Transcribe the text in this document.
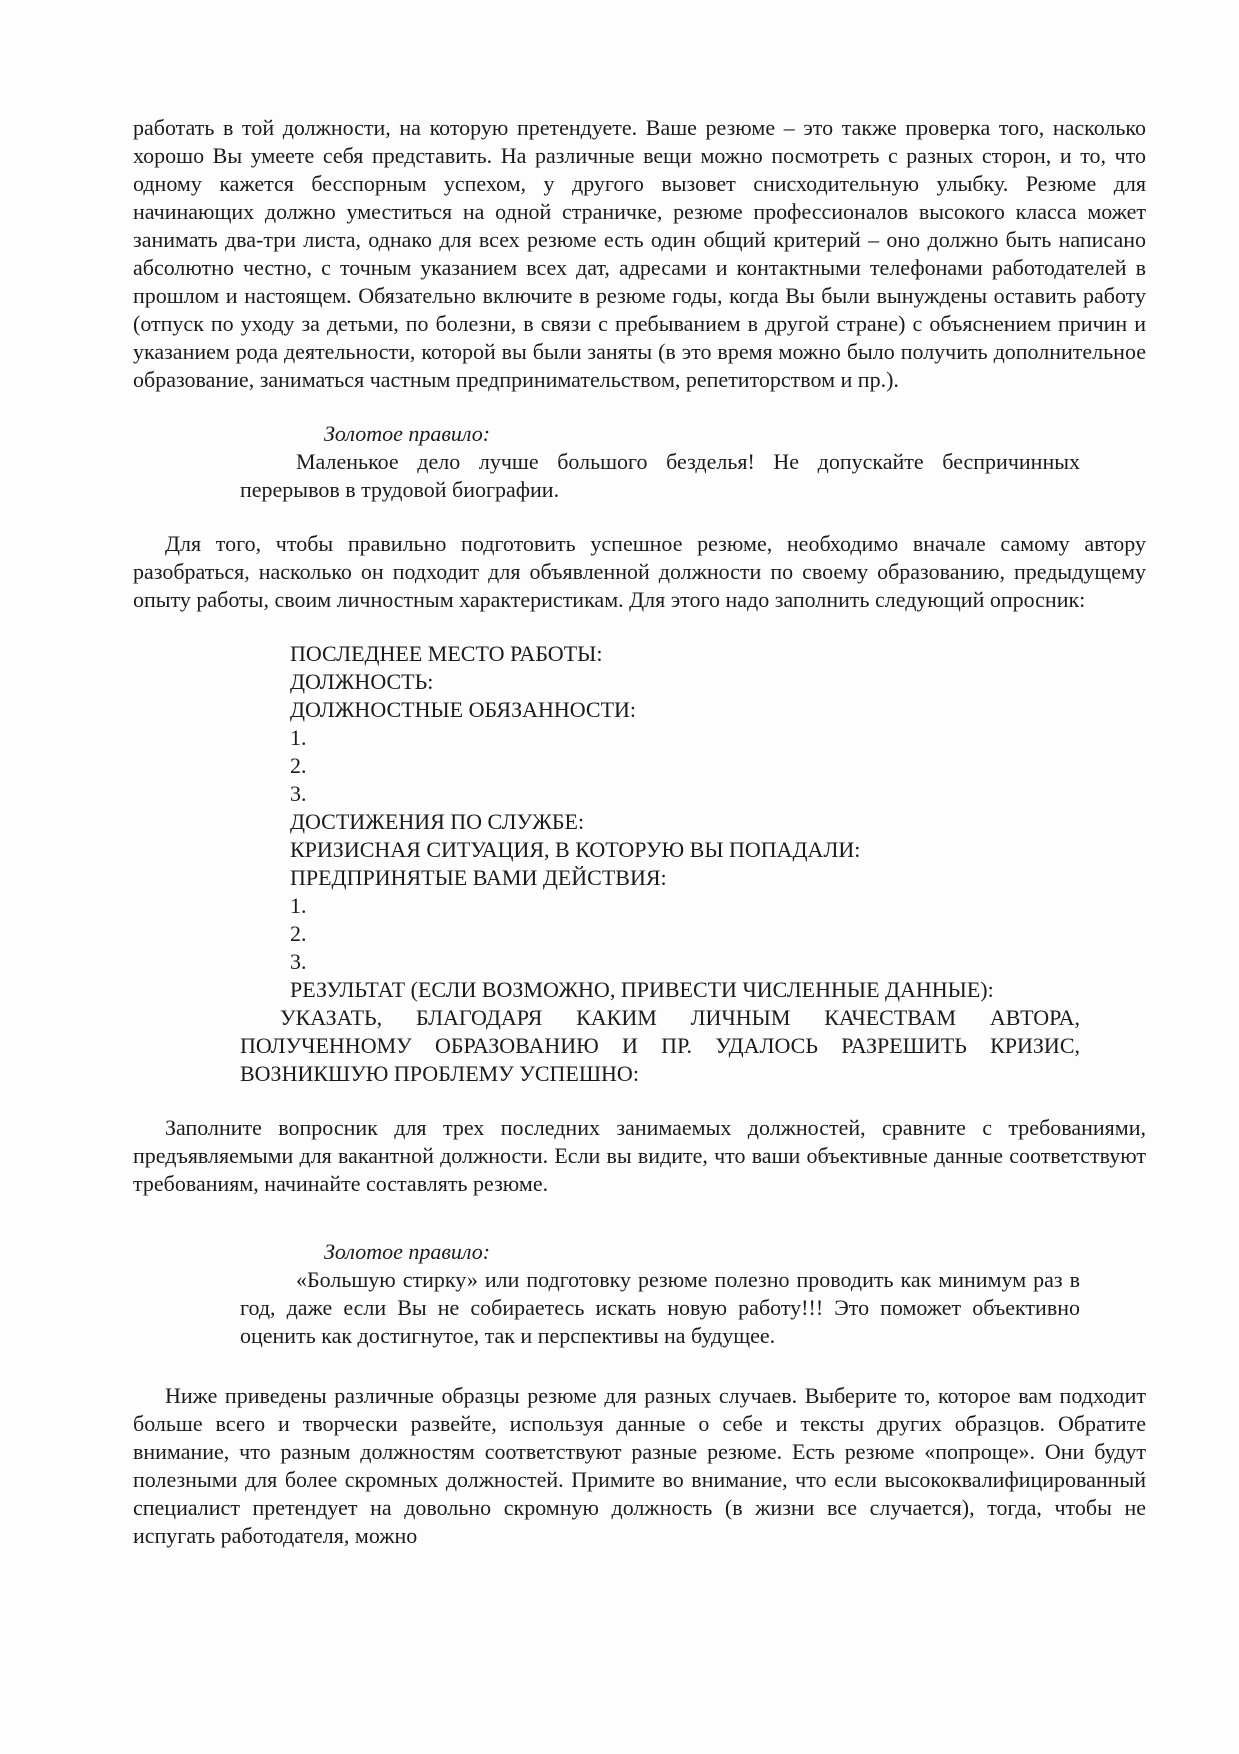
работать в той должности, на которую претендуете. Ваше резюме – это также проверка того, насколько хорошо Вы умеете себя представить. На различные вещи можно посмотреть с разных сторон, и то, что одному кажется бесспорным успехом, у другого вызовет снисходительную улыбку. Резюме для начинающих должно уместиться на одной страничке, резюме профессионалов высокого класса может занимать два-три листа, однако для всех резюме есть один общий критерий – оно должно быть написано абсолютно честно, с точным указанием всех дат, адресами и контактными телефонами работодателей в прошлом и настоящем. Обязательно включите в резюме годы, когда Вы были вынуждены оставить работу (отпуск по уходу за детьми, по болезни, в связи с пребыванием в другой стране) с объяснением причин и указанием рода деятельности, которой вы были заняты (в это время можно было получить дополнительное образование, заниматься частным предпринимательством, репетиторством и пр.).

Золотое правило:
Маленькое дело лучше большого безделья! Не допускайте беспричинных перерывов в трудовой биографии.

Для того, чтобы правильно подготовить успешное резюме, необходимо вначале самому автору разобраться, насколько он подходит для объявленной должности по своему образованию, предыдущему опыту работы, своим личностным характеристикам. Для этого надо заполнить следующий опросник:

ПОСЛЕДНЕЕ МЕСТО РАБОТЫ:
ДОЛЖНОСТЬ:
ДОЛЖНОСТНЫЕ ОБЯЗАННОСТИ:
1.
2.
3.
ДОСТИЖЕНИЯ ПО СЛУЖБЕ:
КРИЗИСНАЯ СИТУАЦИЯ, В КОТОРУЮ ВЫ ПОПАДАЛИ:
ПРЕДПРИНЯТЫЕ ВАМИ ДЕЙСТВИЯ:
1.
2.
3.
РЕЗУЛЬТАТ (ЕСЛИ ВОЗМОЖНО, ПРИВЕСТИ ЧИСЛЕННЫЕ ДАННЫЕ):
УКАЗАТЬ, БЛАГОДАРЯ КАКИМ ЛИЧНЫМ КАЧЕСТВАМ АВТОРА, ПОЛУЧЕННОМУ ОБРАЗОВАНИЮ И ПР. УДАЛОСЬ РАЗРЕШИТЬ КРИЗИС, ВОЗНИКШУЮ ПРОБЛЕМУ УСПЕШНО:

Заполните вопросник для трех последних занимаемых должностей, сравните с требованиями, предъявляемыми для вакантной должности. Если вы видите, что ваши объективные данные соответствуют требованиям, начинайте составлять резюме.

Золотое правило:
«Большую стирку» или подготовку резюме полезно проводить как минимум раз в год, даже если Вы не собираетесь искать новую работу!!! Это поможет объективно оценить как достигнутое, так и перспективы на будущее.

Ниже приведены различные образцы резюме для разных случаев. Выберите то, которое вам подходит больше всего и творчески развейте, используя данные о себе и тексты других образцов. Обратите внимание, что разным должностям соответствуют разные резюме. Есть резюме «попроще». Они будут полезными для более скромных должностей. Примите во внимание, что если высококвалифицированный специалист претендует на довольно скромную должность (в жизни все случается), тогда, чтобы не испугать работодателя, можно
